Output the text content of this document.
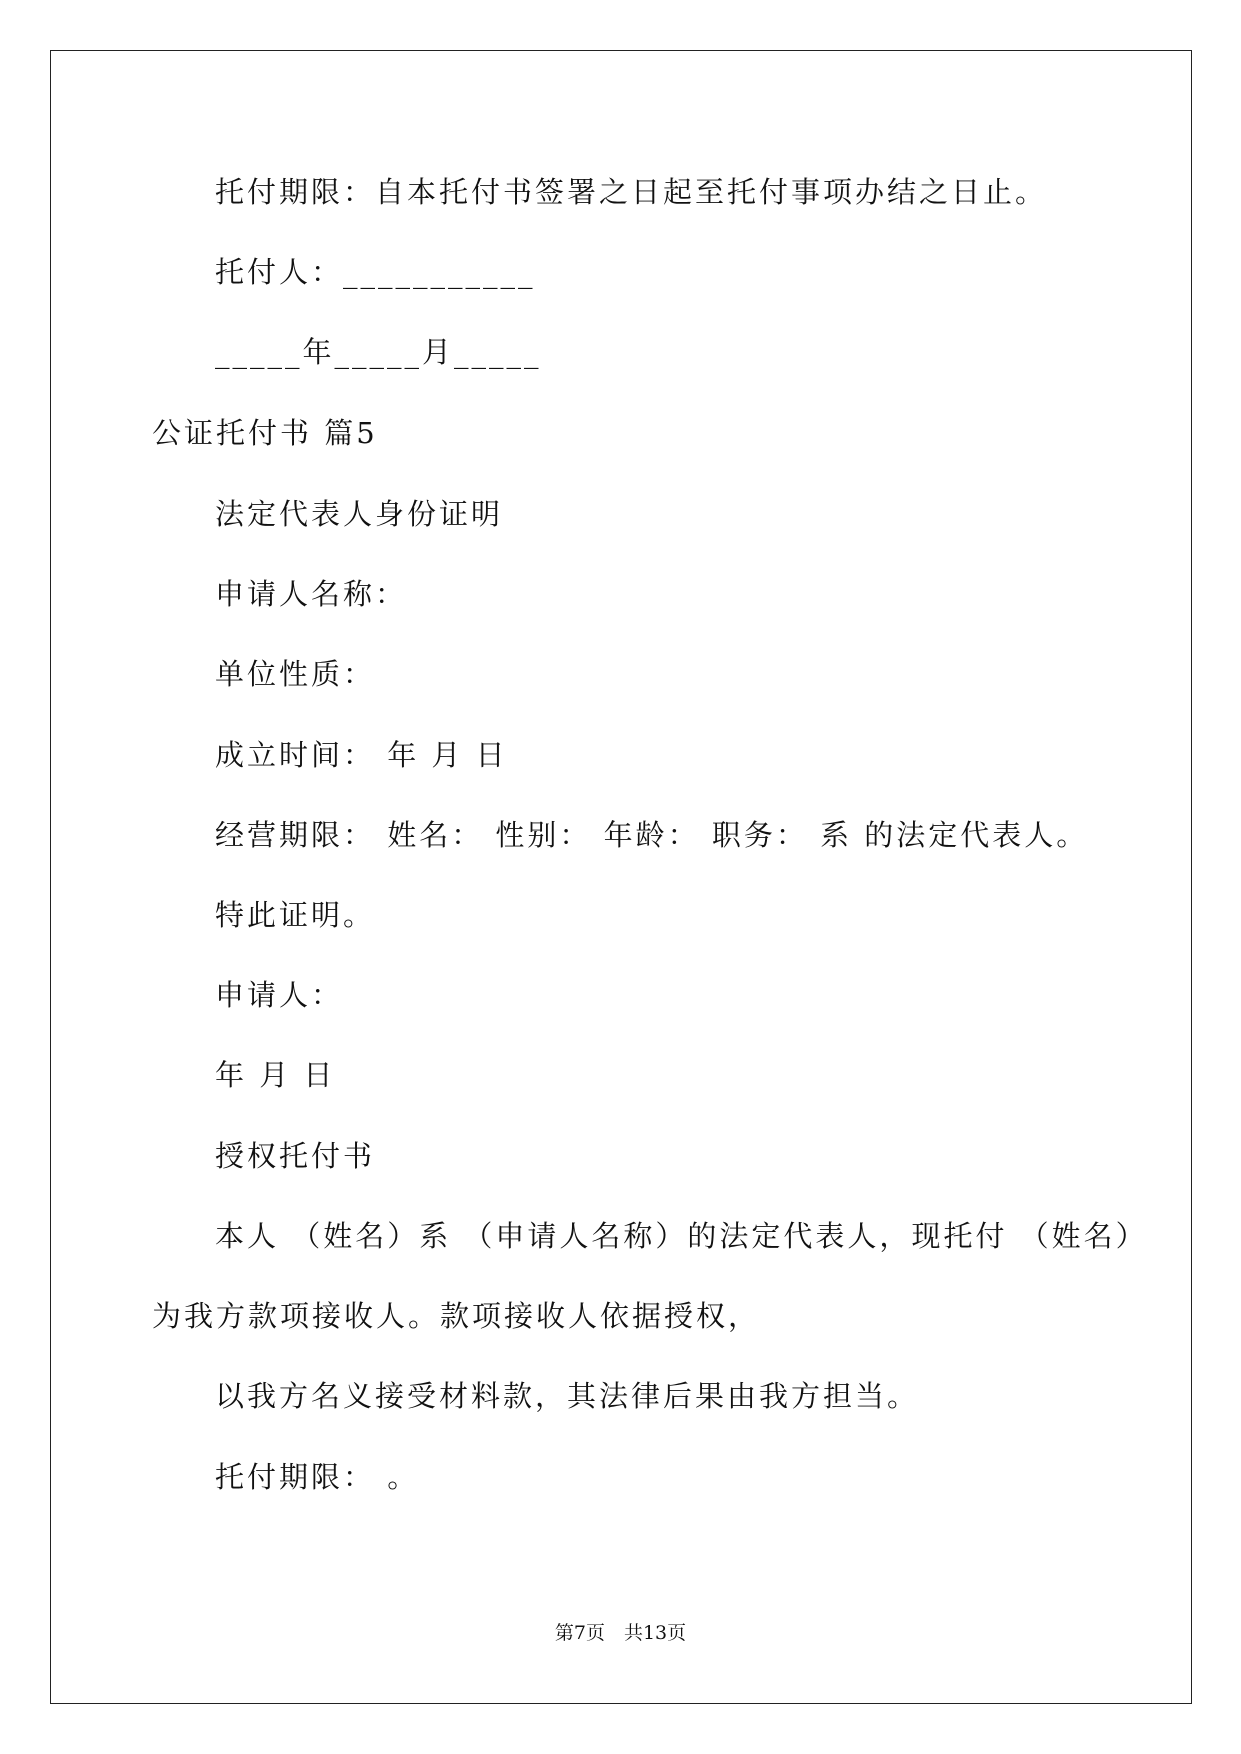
托付期限：自本托付书签署之日起至托付事项办结之日止。
托付人：___________
_____年_____月_____
公证托付书 篇5
法定代表人身份证明
申请人名称：
单位性质：
成立时间： 年 月 日
经营期限： 姓名： 性别： 年龄： 职务： 系 的法定代表人。
特此证明。
申请人：
年 月 日
授权托付书
本人 （姓名）系 （申请人名称）的法定代表人，现托付 （姓名）
为我方款项接收人。款项接收人依据授权，
以我方名义接受材料款，其法律后果由我方担当。
托付期限： 。
第7页　共13页
